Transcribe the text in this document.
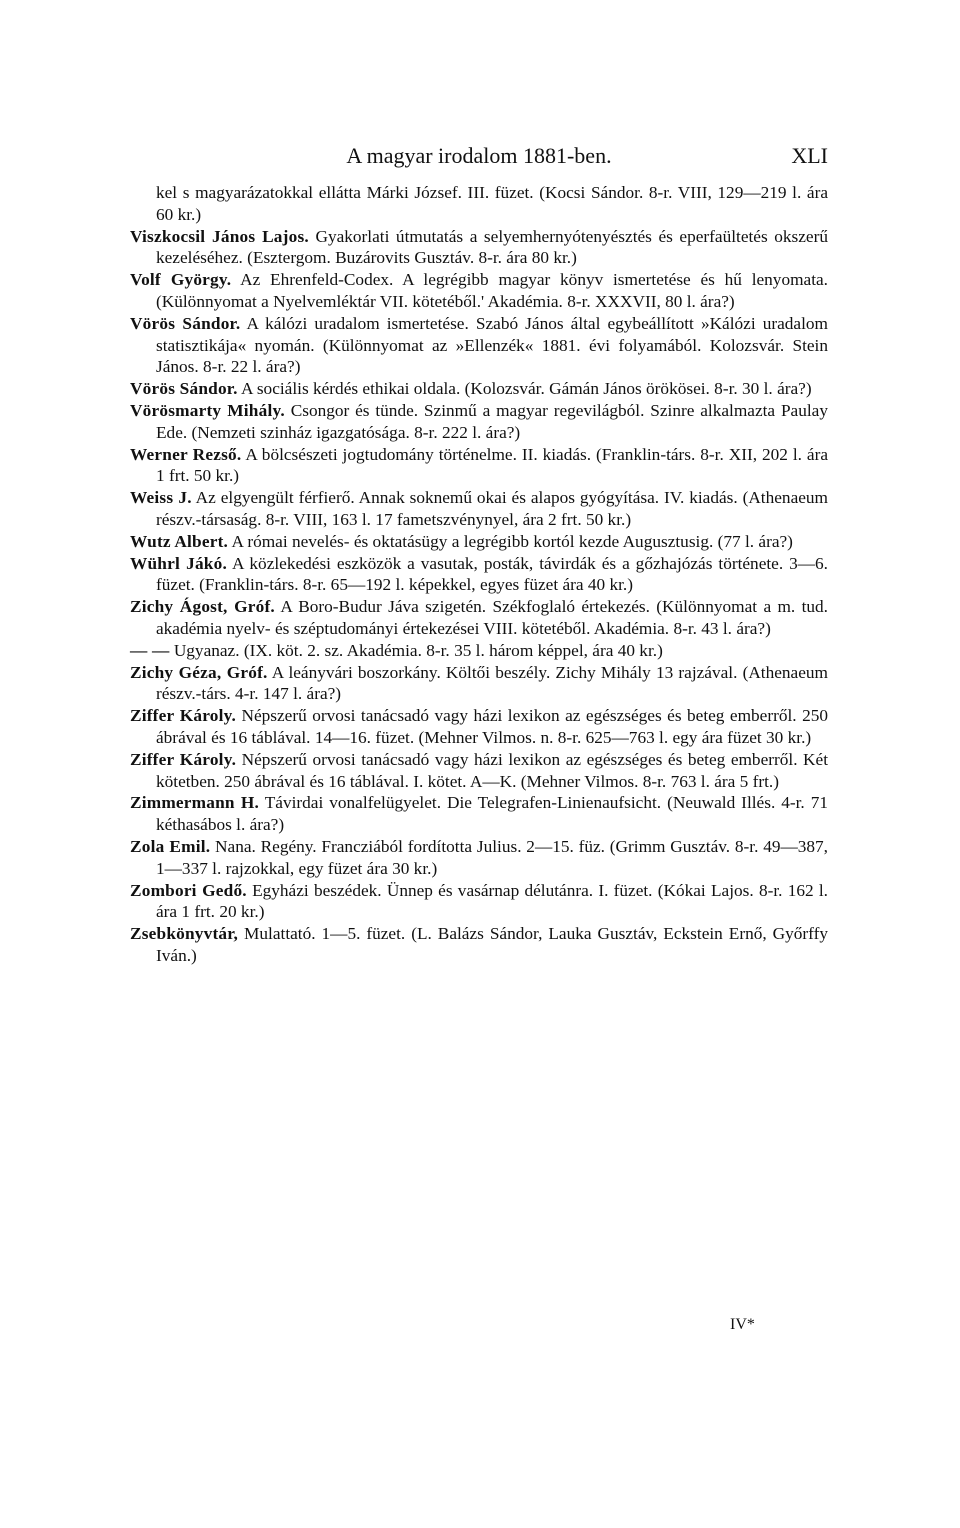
A magyar irodalom 1881-ben.	XLI

kel s magyarázatokkal ellátta Márki József. III. füzet. (Kocsi Sándor. 8-r. VIII, 129—219 l. ára 60 kr.)

Viszkocsil János Lajos. Gyakorlati útmutatás a selyemhernyótenyésztés és eperfaültetés okszerű kezeléséhez. (Esztergom. Buzárovits Gusztáv. 8-r. ára 80 kr.)

Volf György. Az Ehrenfeld-Codex. A legrégibb magyar könyv ismertetése és hű lenyomata. (Különnyomat a Nyelvemléktár VII. kötetéből.' Akadémia. 8-r. XXXVII, 80 l. ára?)

Vörös Sándor. A kálózi uradalom ismertetése. Szabó János által egybeállított »Kálózi uradalom statisztikája« nyomán. (Különnyomat az »Ellenzék« 1881. évi folyamából. Kolozsvár. Stein János. 8-r. 22 l. ára?)

Vörös Sándor. A sociális kérdés ethikai oldala. (Kolozsvár. Gámán János örökösei. 8-r. 30 l. ára?)

Vörösmarty Mihály. Csongor és tünde. Szinmű a magyar regevilágból. Szinre alkalmazta Paulay Ede. (Nemzeti szinház igazgatósága. 8-r. 222 l. ára?)

Werner Rezső. A bölcsészeti jogtudomány történelme. II. kiadás. (Franklin-társ. 8-r. XII, 202 l. ára 1 frt. 50 kr.)

Weiss J. Az elgyengült férfierő. Annak soknemű okai és alapos gyógyítása. IV. kiadás. (Athenaeum részv.-társaság. 8-r. VIII, 163 l. 17 fametszvénynyel, ára 2 frt. 50 kr.)

Wutz Albert. A római nevelés- és oktatásügy a legrégibb kortól kezde Augusztusig. (77 l. ára?)

Wührl Jákó. A közlekedési eszközök a vasutak, posták, távirdák és a gőzhajózás története. 3—6. füzet. (Franklin-társ. 8-r. 65—192 l. képekkel, egyes füzet ára 40 kr.)

Zichy Ágost, Gróf. A Boro-Budur Jáva szigetén. Székfoglaló értekezés. (Különnyomat a m. tud. akadémia nyelv- és széptudományi értekezései VIII. kötetéből. Akadémia. 8-r. 43 l. ára?)

— — Ugyanaz. (IX. köt. 2. sz. Akadémia. 8-r. 35 l. három képpel, ára 40 kr.)

Zichy Géza, Gróf. A leányvári boszorkány. Költői beszély. Zichy Mihály 13 rajzával. (Athenaeum részv.-társ. 4-r. 147 l. ára?)

Ziffer Károly. Népszerű orvosi tanácsadó vagy házi lexikon az egészséges és beteg emberről. 250 ábrával és 16 táblával. 14—16. füzet. (Mehner Vilmos. n. 8-r. 625—763 l. egy ára füzet 30 kr.)

Ziffer Károly. Népszerű orvosi tanácsadó vagy házi lexikon az egészséges és beteg emberről. Két kötetben. 250 ábrával és 16 táblával. I. kötet. A—K. (Mehner Vilmos. 8-r. 763 l. ára 5 frt.)

Zimmermann H. Távirdai vonalfelügyelet. Die Telegrafen-Linienaufsicht. (Neuwald Illés. 4-r. 71 kéthasábos l. ára?)

Zola Emil. Nana. Regény. Francziából fordította Julius. 2—15. füz. (Grimm Gusztáv. 8-r. 49—387, 1—337 l. rajzokkal, egy füzet ára 30 kr.)

Zombori Gedő. Egyházi beszédek. Ünnep és vasárnap délutánra. I. füzet. (Kókai Lajos. 8-r. 162 l. ára 1 frt. 20 kr.)

Zsebkönyvtár, Mulattató. 1—5. füzet. (L. Balázs Sándor, Lauka Gusztáv, Eckstein Ernő, Győrffy Iván.)

IV*
